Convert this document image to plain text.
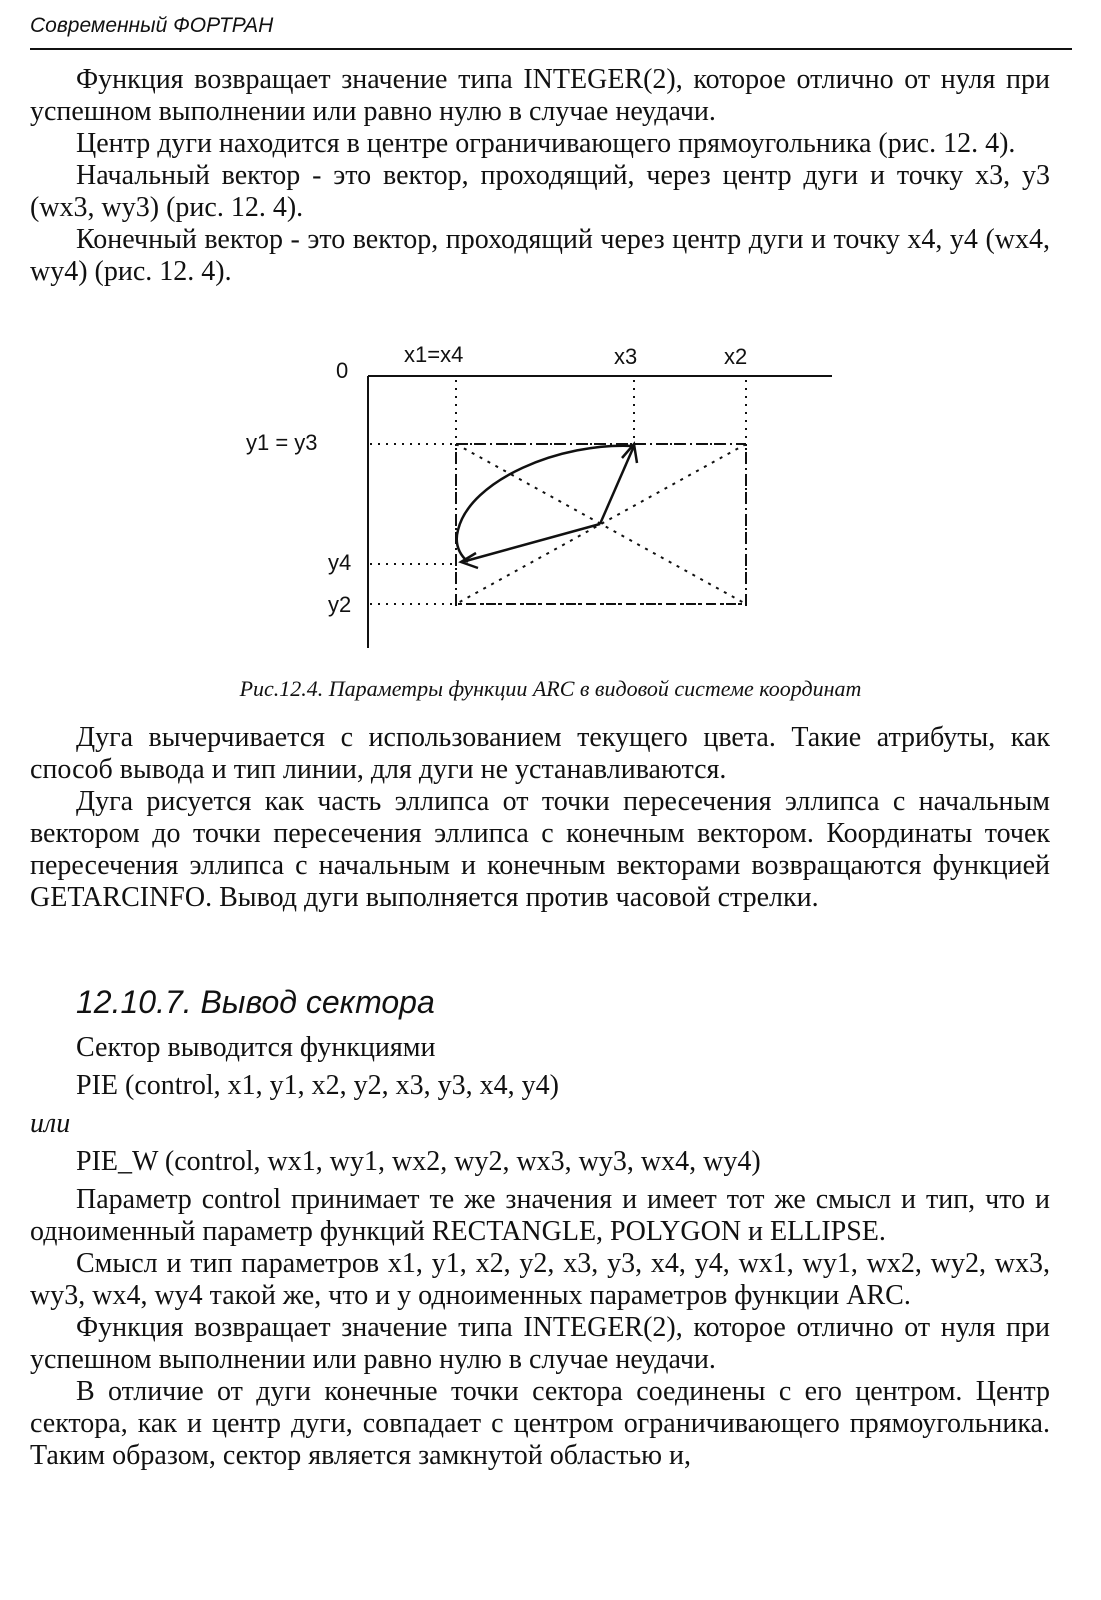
Современный ФОРТРАН

Функция возвращает значение типа INTEGER(2), которое отлично от нуля при успешном выполнении или равно нулю в случае неудачи.

Центр дуги находится в центре ограничивающего прямоугольника (рис. 12. 4).

Начальный вектор - это вектор, проходящий, через центр дуги и точку x3, y3 (wx3, wy3) (рис. 12. 4).

Конечный вектор - это вектор, проходящий через центр дуги и точку x4, y4 (wx4, wy4) (рис. 12. 4).

0
x1=x4	x3	x2
y1 = y3
y4
y2
Рис.12.4. Параметры функции ARC в видовой системе координат

Дуга вычерчивается с использованием текущего цвета. Такие атрибуты, как способ вывода и тип линии, для дуги не устанавливаются.

Дуга рисуется как часть эллипса от точки пересечения эллипса с начальным вектором до точки пересечения эллипса с конечным вектором. Координаты точек пересечения эллипса с начальным и конечным векторами возвращаются функцией GETARCINFO. Вывод дуги выполняется против часовой стрелки.

12.10.7. Вывод сектора

Сектор выводится функциями

PIE (control, x1, y1, x2, y2, x3, y3, x4, y4)

или

PIE_W (control, wx1, wy1, wx2, wy2, wx3, wy3, wx4, wy4)

Параметр control принимает те же значения и имеет тот же смысл и тип, что и одноименный параметр функций RECTANGLE, POLYGON и ELLIPSE.

Смысл и тип параметров x1, y1, x2, y2, x3, y3, x4, y4, wx1, wy1, wx2, wy2, wx3, wy3, wx4, wy4 такой же, что и у одноименных параметров функции ARC.

Функция возвращает значение типа INTEGER(2), которое отлично от нуля при успешном выполнении или равно нулю в случае неудачи.

В отличие от дуги конечные точки сектора соединены с его центром. Центр сектора, как и центр дуги, совпадает с центром ограничивающего прямоугольника. Таким образом, сектор является замкнутой областью и,
